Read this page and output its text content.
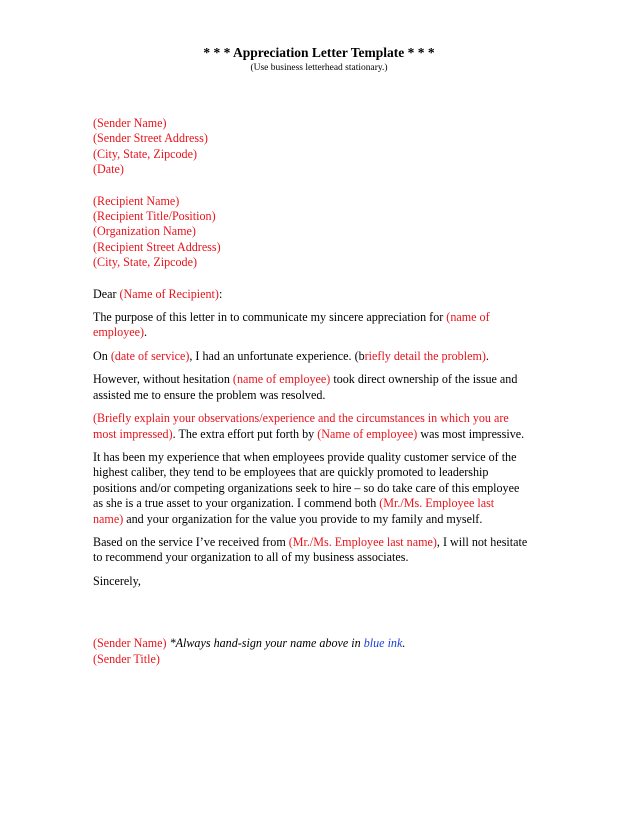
* * * Appreciation Letter Template * * *
(Use business letterhead stationary.)
(Sender Name)
(Sender Street Address)
(City, State, Zipcode)
(Date)
(Recipient Name)
(Recipient Title/Position)
(Organization Name)
(Recipient Street Address)
(City, State, Zipcode)

Dear (Name of Recipient):

The purpose of this letter in to communicate my sincere appreciation for (name of
employee).

On (date of service), I had an unfortunate experience. (briefly detail the problem).

However, without hesitation (name of employee) took direct ownership of the issue and
assisted me to ensure the problem was resolved.

(Briefly explain your observations/experience and the circumstances in which you are
most impressed). The extra effort put forth by (Name of employee) was most impressive.

It has been my experience that when employees provide quality customer service of the
highest caliber, they tend to be employees that are quickly promoted to leadership
positions and/or competing organizations seek to hire – so do take care of this employee
as she is a true asset to your organization. I commend both (Mr./Ms. Employee last
name) and your organization for the value you provide to my family and myself.

Based on the service I’ve received from (Mr./Ms. Employee last name), I will not hesitate
to recommend your organization to all of my business associates.

Sincerely,

(Sender Name) *Always hand-sign your name above in blue ink.

(Sender Title)
